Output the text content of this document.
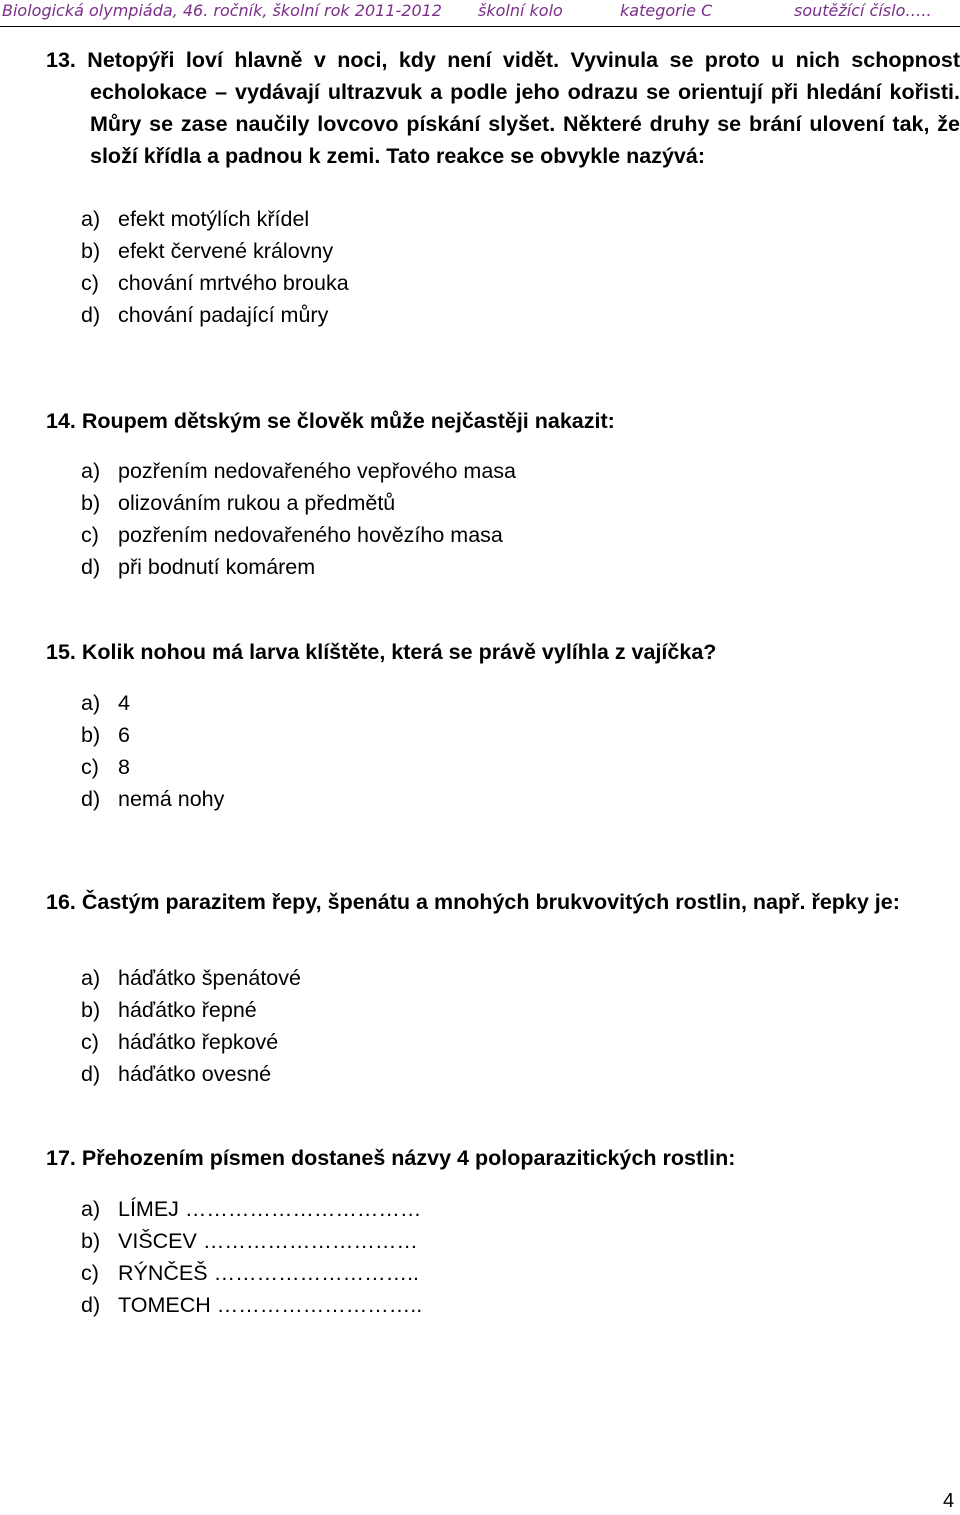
Biologická olympiáda, 46. ročník, školní rok 2011-2012 školní kolo	kategorie C	soutěžící číslo…..
13. Netopýři loví hlavně v noci, kdy není vidět. Vyvinula se proto u nich schopnost echolokace – vydávají ultrazvuk a podle jeho odrazu se orientují při hledání kořisti. Můry se zase naučily lovcovo pískání slyšet. Některé druhy se brání ulovení tak, že složí křídla a padnou k zemi. Tato reakce se obvykle nazývá:
a) efekt motýlích křídel
b) efekt červené královny
c) chování mrtvého brouka
d) chování padající můry
14. Roupem dětským se člověk může nejčastěji nakazit:
a) pozřením nedovařeného vepřového masa
b) olizováním rukou a předmětů
c) pozřením nedovařeného hovězího masa
d) při bodnutí komárem
15. Kolik nohou má larva klíštěte, která se právě vylíhla z vajíčka?
a) 4
b) 6
c) 8
d) nemá nohy
16. Častým parazitem řepy, špenátu a mnohých brukvovitých rostlin, např. řepky je:
a) háďátko špenátové
b) háďátko řepné
c) háďátko řepkové
d) háďátko ovesné
17. Přehozením písmen dostaneš názvy 4 poloparazitických rostlin:
a) LÍMEJ ……………………………
b) VIŠCEV …………………………
c) RÝNČEŠ ………………………..
d) TOMECH ………………………..
4
